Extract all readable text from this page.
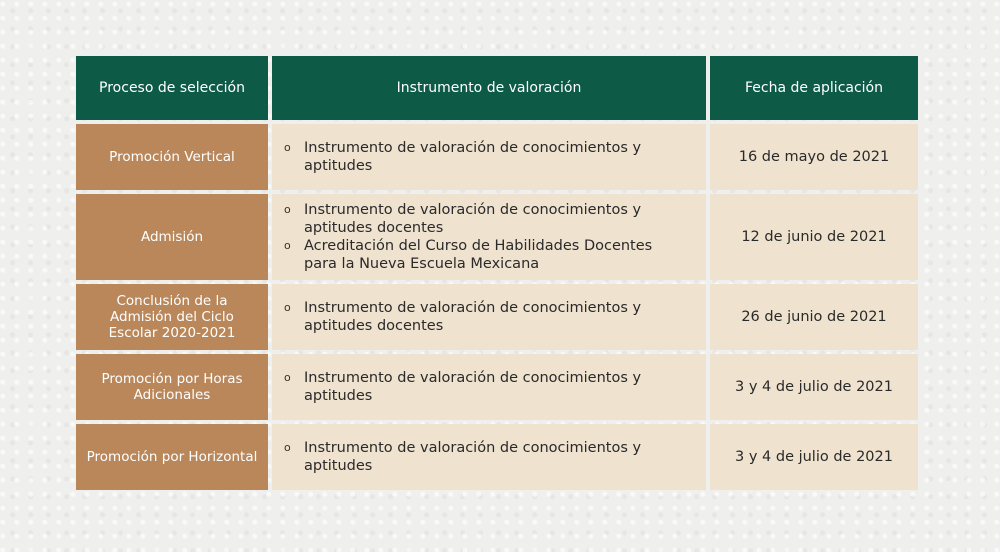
Proceso de selección	Instrumento de valoración	Fecha de aplicación
Promoción Vertical
o Instrumento de valoración de conocimientos y aptitudes
16 de mayo de 2021
Admisión
o Instrumento de valoración de conocimientos y aptitudes docentes
o Acreditación del Curso de Habilidades Docentes para la Nueva Escuela Mexicana
12 de junio de 2021
Conclusión de la Admisión del Ciclo Escolar 2020-2021
o Instrumento de valoración de conocimientos y aptitudes docentes
26 de junio de 2021
Promoción por Horas Adicionales
o Instrumento de valoración de conocimientos y aptitudes
3 y 4 de julio de 2021
Promoción por Horizontal
o Instrumento de valoración de conocimientos y aptitudes
3 y 4 de julio de 2021
